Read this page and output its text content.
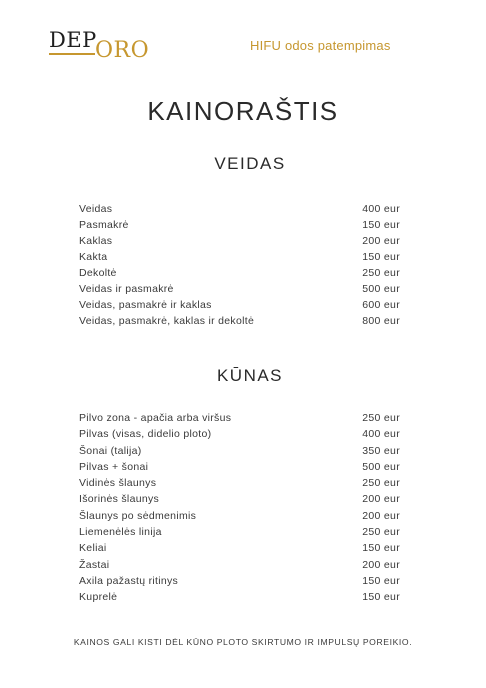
DEP
ORO	HIFU odos patempimas
KAINORAŠTIS
VEIDAS
Veidas	400 eur
Pasmakrė	150 eur
Kaklas	200 eur
Kakta	150 eur
Dekoltė	250 eur
Veidas ir pasmakrė	500 eur
Veidas, pasmakrė ir kaklas	600 eur
Veidas, pasmakrė, kaklas ir dekoltė	800 eur
KŪNAS
Pilvo zona - apačia arba viršus	250 eur
Pilvas (visas, didelio ploto)	400 eur
Šonai (talija)	350 eur
Pilvas + šonai	500 eur
Vidinės šlaunys	250 eur
Išorinės šlaunys	200 eur
Šlaunys po sėdmenimis	200 eur
Liemenėlės linija	250 eur
Keliai	150 eur
Žastai	200 eur
Axila pažastų ritinys	150 eur
Kuprelė	150 eur
KAINOS GALI KISTI DĖL KŪNO PLOTO SKIRTUMO IR IMPULSŲ POREIKIO.
